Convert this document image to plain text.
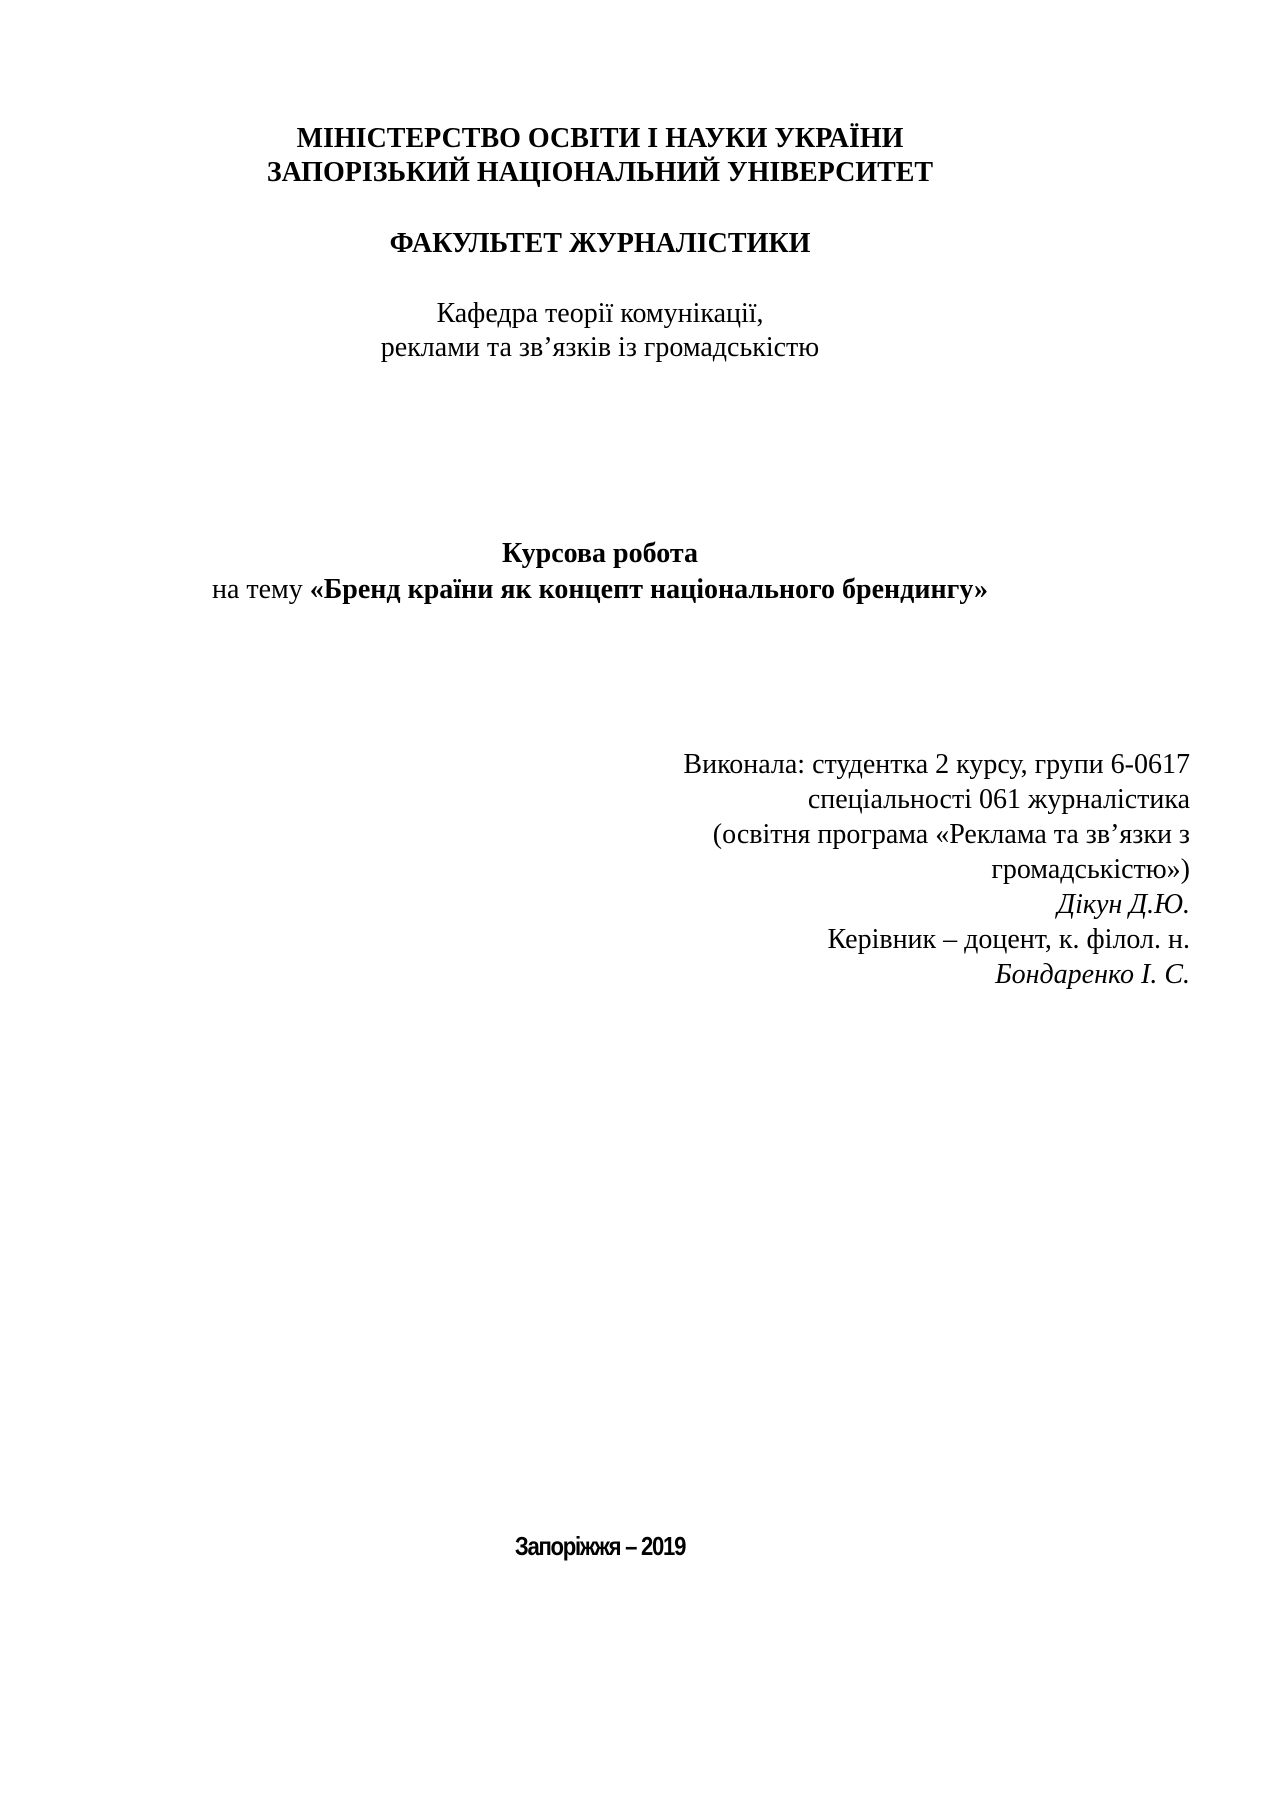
МІНІСТЕРСТВО ОСВІТИ І НАУКИ УКРАЇНИ
ЗАПОРІЗЬКИЙ НАЦІОНАЛЬНИЙ УНІВЕРСИТЕТ
ФАКУЛЬТЕТ ЖУРНАЛІСТИКИ
Кафедра теорії комунікації,
реклами та зв’язків із громадськістю
Курсова робота
на тему «Бренд країни як концепт національного брендингу»
Виконала: студентка 2 курсу, групи 6-0617
спеціальності 061 журналістика
(освітня програма «Реклама та зв’язки з
громадськістю»)
Дікун Д.Ю.
Керівник – доцент, к. філол. н.
Бондаренко І. С.
Запоріжжя – 2019
